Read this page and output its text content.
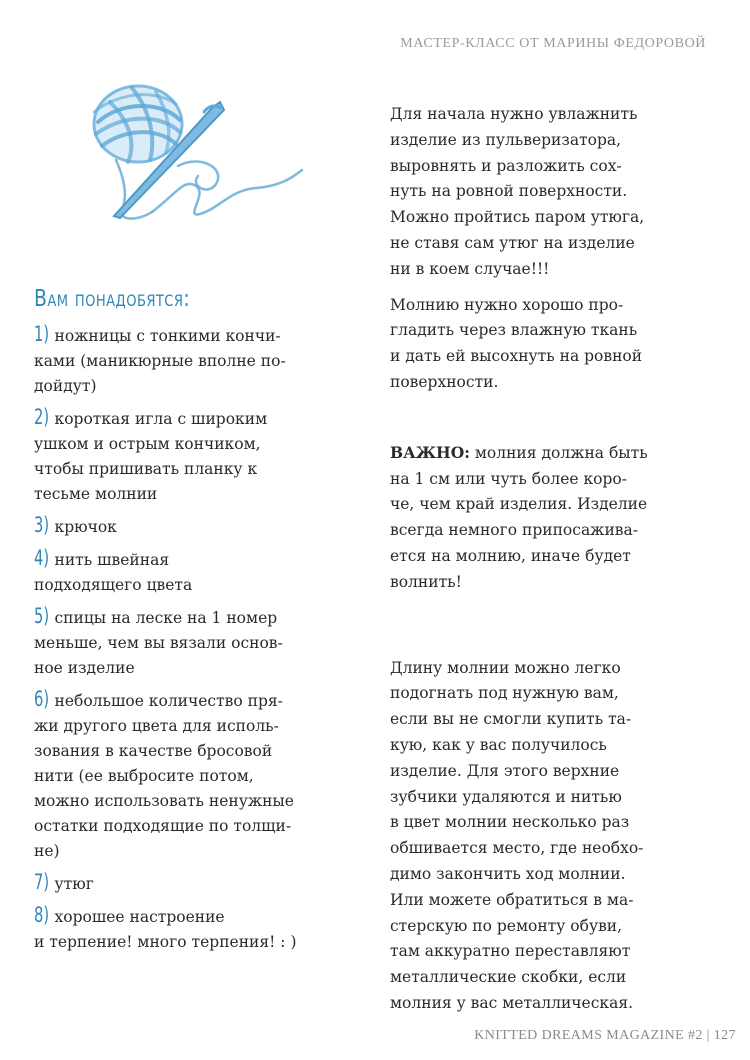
МАСТЕР-КЛАСС ОТ МАРИНЫ ФЕДОРОВОЙ
Вам понадобятся:
1) ножницы с тонкими кончи-
ками (маникюрные вполне по-
дойдут)
2) короткая игла с широким
ушком и острым кончиком,
чтобы пришивать планку к
тесьме молнии
3) крючок
4) нить швейная
подходящего цвета
5) спицы на леске на 1 номер
меньше, чем вы вязали основ-
ное изделие
6) небольшое количество пря-
жи другого цвета для исполь-
зования в качестве бросовой
нити (ее выбросите потом,
можно использовать ненужные
остатки подходящие по толщи-
не)
7) утюг
8) хорошее настроение
и терпение! много терпения! : )

Для начала нужно увлажнить
изделие из пульверизатора,
выровнять и разложить сох-
нуть на ровной поверхности.
Можно пройтись паром утюга,
не ставя сам утюг на изделие
ни в коем случае!!!

Молнию нужно хорошо про-
гладить через влажную ткань
и дать ей высохнуть на ровной
поверхности.

ВАЖНО: молния должна быть
на 1 см или чуть более коро-
че, чем край изделия. Изделие
всегда немного припосажива-
ется на молнию, иначе будет
волнить!

Длину молнии можно легко
подогнать под нужную вам,
если вы не смогли купить та-
кую, как у вас получилось
изделие. Для этого верхние
зубчики удаляются и нитью
в цвет молнии несколько раз
обшивается место, где необхо-
димо закончить ход молнии.
Или можете обратиться в ма-
стерскую по ремонту обуви,
там аккуратно переставляют
металлические скобки, если
молния у вас металлическая.

KNITTED DREAMS MAGAZINE #2 | 127
